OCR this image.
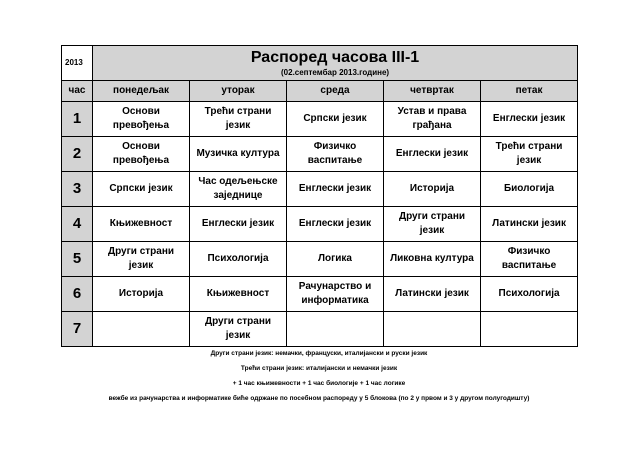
2013	Распоред часова III-1
(02.септембар 2013.годинe)				

час	понедељак	уторак	среда	четвртак	петак
1	Основи превођења	Трећи страни језик	Српски језик	Устав и права грађана	Енглески језик
2	Основи превођења	Музичка култура	Физичко васпитање	Енглески језик	Трећи страни језик
3	Српски језик	Час одељењске заједнице	Енглески језик	Историја	Биологија
4	Књижевност	Енглески језик	Енглески језик	Други страни језик	Латински језик
5	Други страни језик	Психологија	Логика	Ликовна култура	Физичко васпитање
6	Историја	Књижевност	Рачунарство и информатика	Латински језик	Психологија
7		Други страни језик			
Други страни језик: немачки, француски, италијански и руски језик
Трећи страни језик: италијански и немачки језик
+ 1 час књижевности + 1 час биологије + 1 час логике
вежбе из рачунарства и информатике биће одржане по посебном распореду у 5 блокова (по 2 у првом и 3 у другом полугодишту)
